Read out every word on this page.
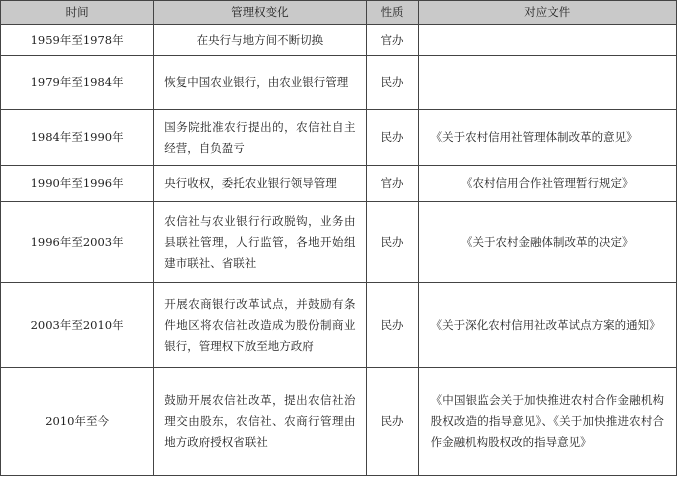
时间	管理权变化	性质	对应文件
1959年至1978年	在央行与地方间不断切换	官办	
1979年至1984年	恢复中国农业银行，由农业银行管理	民办	
1984年至1990年	国务院批准农行提出的，农信社自主经营，自负盈亏	民办	《关于农村信用社管理体制改革的意见》
1990年至1996年	央行收权，委托农业银行领导管理	官办	《农村信用合作社管理暂行规定》
1996年至2003年	农信社与农业银行行政脱钩，业务由县联社管理，人行监管，各地开始组建市联社、省联社	民办	《关于农村金融体制改革的决定》
2003年至2010年	开展农商银行改革试点，并鼓励有条件地区将农信社改造成为股份制商业银行，管理权下放至地方政府	民办	《关于深化农村信用社改革试点方案的通知》
2010年至今	鼓励开展农信社改革，提出农信社治理交由股东，农信社、农商行管理由地方政府授权省联社	民办	《中国银监会关于加快推进农村合作金融机构股权改造的指导意见》、《关于加快推进农村合作金融机构股权改的指导意见》
